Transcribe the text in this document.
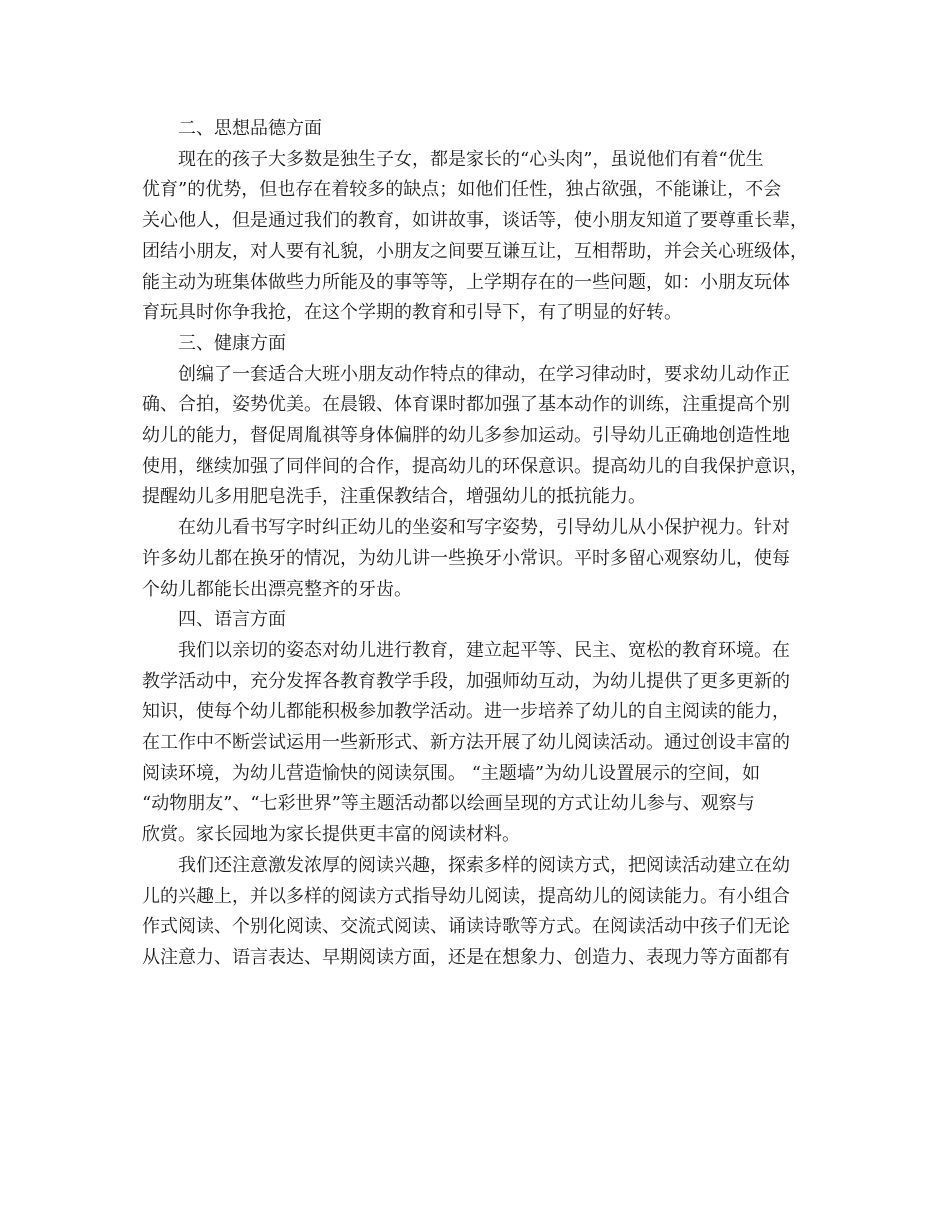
二、思想品德方面

现在的孩子大多数是独生子女，都是家长的“心头肉”，虽说他们有着“优生
优育”的优势，但也存在着较多的缺点；如他们任性，独占欲强，不能谦让，不会
关心他人，但是通过我们的教育，如讲故事，谈话等，使小朋友知道了要尊重长辈，
团结小朋友，对人要有礼貌，小朋友之间要互谦互让，互相帮助，并会关心班级体，
能主动为班集体做些力所能及的事等等，上学期存在的一些问题，如：小朋友玩体
育玩具时你争我抢，在这个学期的教育和引导下，有了明显的好转。

三、健康方面

创编了一套适合大班小朋友动作特点的律动，在学习律动时，要求幼儿动作正
确、合拍，姿势优美。在晨锻、体育课时都加强了基本动作的训练，注重提高个别
幼儿的能力，督促周胤祺等身体偏胖的幼儿多参加运动。引导幼儿正确地创造性地
使用，继续加强了同伴间的合作，提高幼儿的环保意识。提高幼儿的自我保护意识，
提醒幼儿多用肥皂洗手，注重保教结合，增强幼儿的抵抗能力。

在幼儿看书写字时纠正幼儿的坐姿和写字姿势，引导幼儿从小保护视力。针对
许多幼儿都在换牙的情况，为幼儿讲一些换牙小常识。平时多留心观察幼儿，使每
个幼儿都能长出漂亮整齐的牙齿。

四、语言方面

我们以亲切的姿态对幼儿进行教育，建立起平等、民主、宽松的教育环境。在
教学活动中，充分发挥各教育教学手段，加强师幼互动，为幼儿提供了更多更新的
知识，使每个幼儿都能积极参加教学活动。进一步培养了幼儿的自主阅读的能力，
在工作中不断尝试运用一些新形式、新方法开展了幼儿阅读活动。通过创设丰富的
阅读环境，为幼儿营造愉快的阅读氛围。 “主题墙”为幼儿设置展示的空间，如
“动物朋友”、“七彩世界”等主题活动都以绘画呈现的方式让幼儿参与、观察与
欣赏。家长园地为家长提供更丰富的阅读材料。

我们还注意激发浓厚的阅读兴趣，探索多样的阅读方式，把阅读活动建立在幼
儿的兴趣上，并以多样的阅读方式指导幼儿阅读，提高幼儿的阅读能力。有小组合
作式阅读、个别化阅读、交流式阅读、诵读诗歌等方式。在阅读活动中孩子们无论
从注意力、语言表达、早期阅读方面，还是在想象力、创造力、表现力等方面都有
